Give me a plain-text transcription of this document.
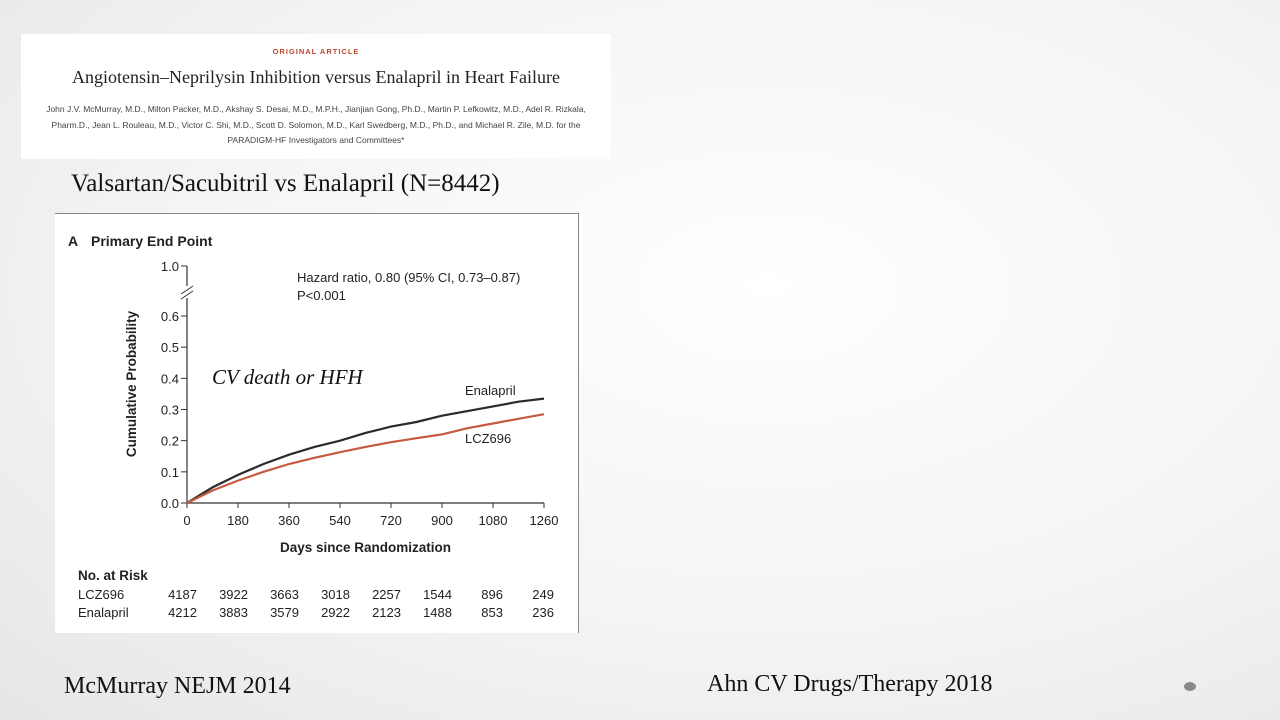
ORIGINAL ARTICLE
Angiotensin–Neprilysin Inhibition versus Enalapril in Heart Failure
John J.V. McMurray, M.D., Milton Packer, M.D., Akshay S. Desai, M.D., M.P.H., Jianjian Gong, Ph.D., Martin P. Lefkowitz, M.D., Adel R. Rizkala, Pharm.D., Jean L. Rouleau, M.D., Victor C. Shi, M.D., Scott D. Solomon, M.D., Karl Swedberg, M.D., Ph.D., and Michael R. Zile, M.D. for the PARADIGM-HF Investigators and Committees*
Valsartan/Sacubitril vs Enalapril (N=8442)
A Primary End Point
1.0
0.0
0.1
0.2
0.3
0.4
0.5
0.6
0	180 360 540 720 900 1080 1260
Days since Randomization
Cumulative Probability
Hazard ratio, 0.80 (95% CI, 0.73–0.87)
P<0.001
CV death or HFH
Enalapril
LCZ696
No. at Risk
LCZ696	4187 3922 3663 3018 2257 1544 896 249
Enalapril	4212 3883 3579 2922 2123 1488 853 236
McMurray NEJM 2014	Ahn CV Drugs/Therapy 2018
